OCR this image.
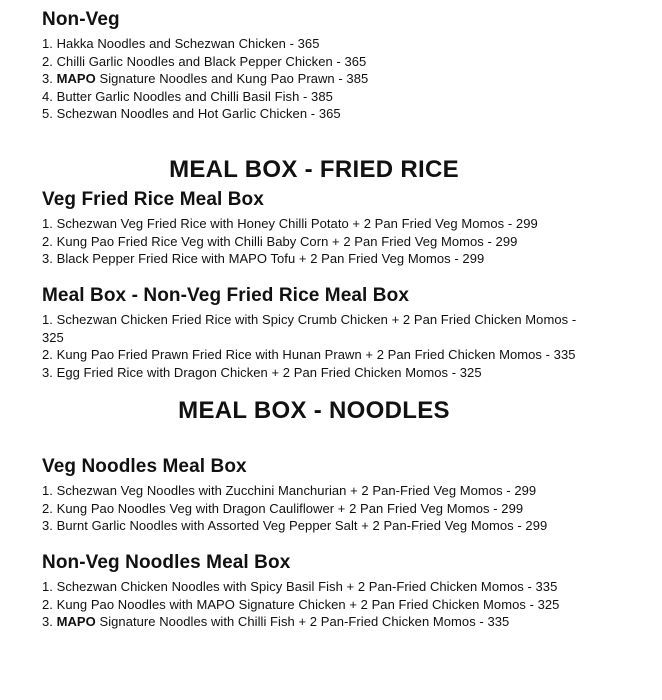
Non-Veg

1. Hakka Noodles and Schezwan Chicken - 365

2. Chilli Garlic Noodles and Black Pepper Chicken - 365

3. MAPO Signature Noodles and Kung Pao Prawn - 385

4. Butter Garlic Noodles and Chilli Basil Fish - 385

5. Schezwan Noodles and Hot Garlic Chicken - 365

MEAL BOX - FRIED RICE
Veg Fried Rice Meal Box

1. Schezwan Veg Fried Rice with Honey Chilli Potato + 2 Pan Fried Veg Momos - 299

2. Kung Pao Fried Rice Veg with Chilli Baby Corn + 2 Pan Fried Veg Momos - 299

3. Black Pepper Fried Rice with MAPO Tofu + 2 Pan Fried Veg Momos - 299

Meal Box - Non-Veg Fried Rice Meal Box

1. Schezwan Chicken Fried Rice with Spicy Crumb Chicken + 2 Pan Fried Chicken Momos -

325

2. Kung Pao Fried Prawn Fried Rice with Hunan Prawn + 2 Pan Fried Chicken Momos - 335

3. Egg Fried Rice with Dragon Chicken + 2 Pan Fried Chicken Momos - 325

MEAL BOX - NOODLES
Veg Noodles Meal Box

1. Schezwan Veg Noodles with Zucchini Manchurian + 2 Pan-Fried Veg Momos - 299

2. Kung Pao Noodles Veg with Dragon Cauliflower + 2 Pan Fried Veg Momos - 299

3. Burnt Garlic Noodles with Assorted Veg Pepper Salt + 2 Pan-Fried Veg Momos - 299

Non-Veg Noodles Meal Box

1. Schezwan Chicken Noodles with Spicy Basil Fish + 2 Pan-Fried Chicken Momos - 335

2. Kung Pao Noodles with MAPO Signature Chicken + 2 Pan Fried Chicken Momos - 325

3. MAPO Signature Noodles with Chilli Fish + 2 Pan-Fried Chicken Momos - 335
